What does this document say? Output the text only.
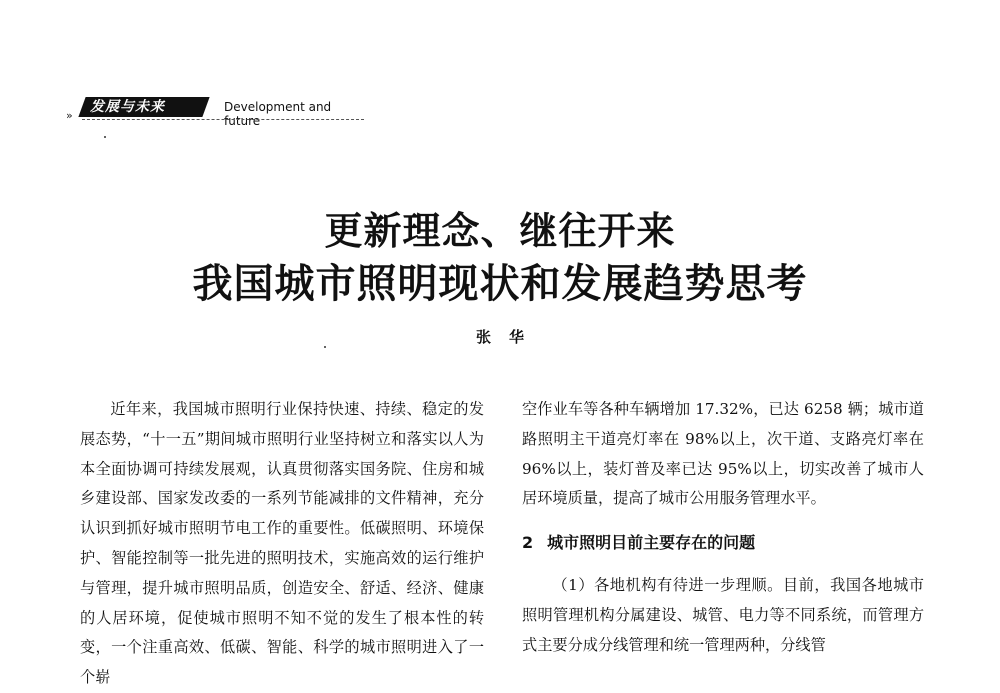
»
发展与未来	Development and future
更新理念、继往开来
我国城市照明现状和发展趋势思考
张华

近年来，我国城市照明行业保持快速、持续、稳定的发展态势，“十一五”期间城市照明行业坚持树立和落实以人为本全面协调可持续发展观，认真贯彻落实国务院、住房和城乡建设部、国家发改委的一系列节能减排的文件精神，充分认识到抓好城市照明节电工作的重要性。低碳照明、环境保护、智能控制等一批先进的照明技术，实施高效的运行维护与管理，提升城市照明品质，创造安全、舒适、经济、健康的人居环境，促使城市照明不知不觉的发生了根本性的转变，一个注重高效、低碳、智能、科学的城市照明进入了一个崭

空作业车等各种车辆增加 17.32%，已达 6258 辆；城市道路照明主干道亮灯率在 98%以上，次干道、支路亮灯率在 96%以上，装灯普及率已达 95%以上，切实改善了城市人居环境质量，提高了城市公用服务管理水平。

2 城市照明目前主要存在的问题

（1）各地机构有待进一步理顺。目前，我国各地城市照明管理机构分属建设、城管、电力等不同系统，而管理方式主要分成分线管理和统一管理两种，分线管
